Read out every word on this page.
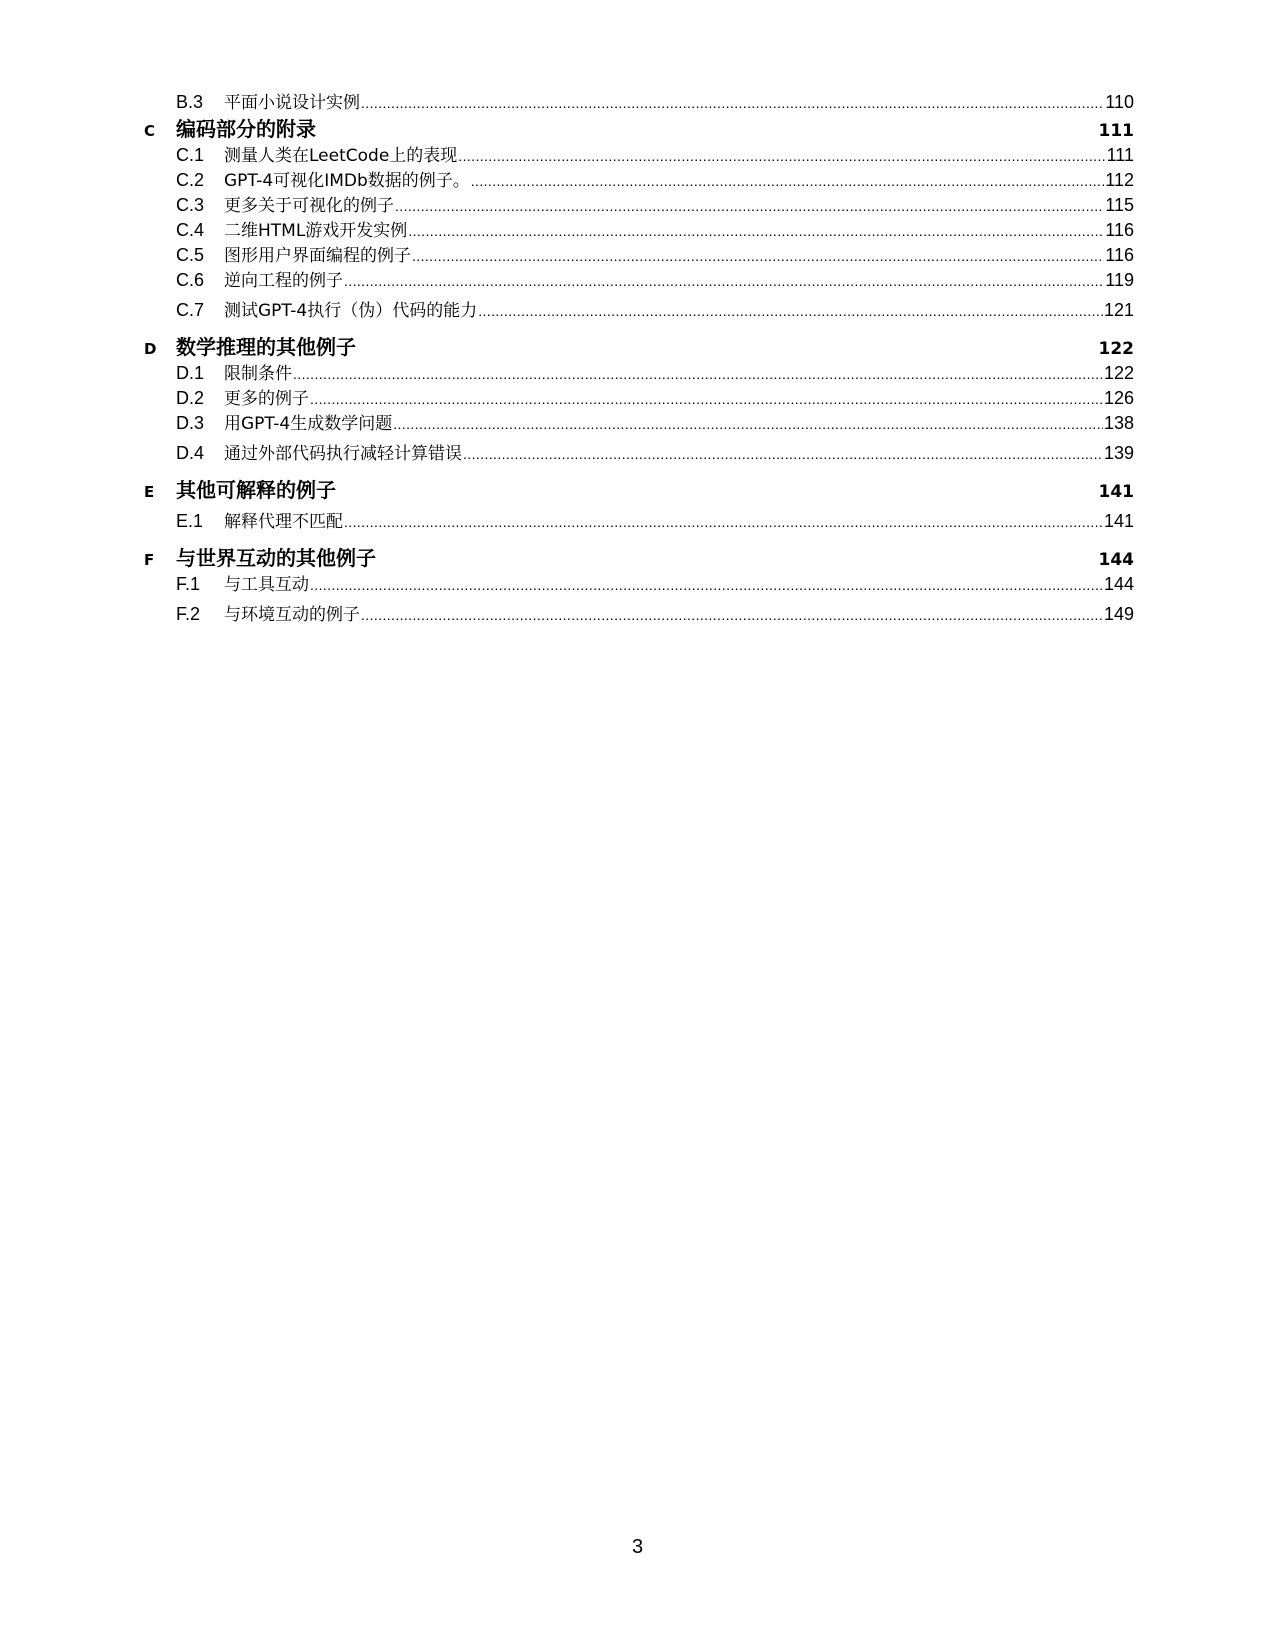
B.3	平面小说设计实例 .....	110
C	编码部分的附录	111
C.1	测量人类在LeetCode上的表现 .....	111
C.2	GPT-4可视化IMDb数据的例子。 .....	112
C.3	更多关于可视化的例子 .....	115
C.4	二维HTML游戏开发实例 .....	116
C.5	图形用户界面编程的例子 .....	116
C.6	逆向工程的例子 .....	119
C.7	测试GPT-4执行（伪）代码的能力 .....	121
D 数学推理的其他例子	122
D.1	限制条件 .....	122
D.2	更多的例子 .....	126
D.3	用GPT-4生成数学问题 .....	138
D.4	通过外部代码执行减轻计算错误 .....	139
E	其他可解释的例子	141
E.1	解释代理不匹配 .....	141
F	与世界互动的其他例子	144
F.1	与工具互动 .....	144
F.2	与环境互动的例子 .....	149
3
